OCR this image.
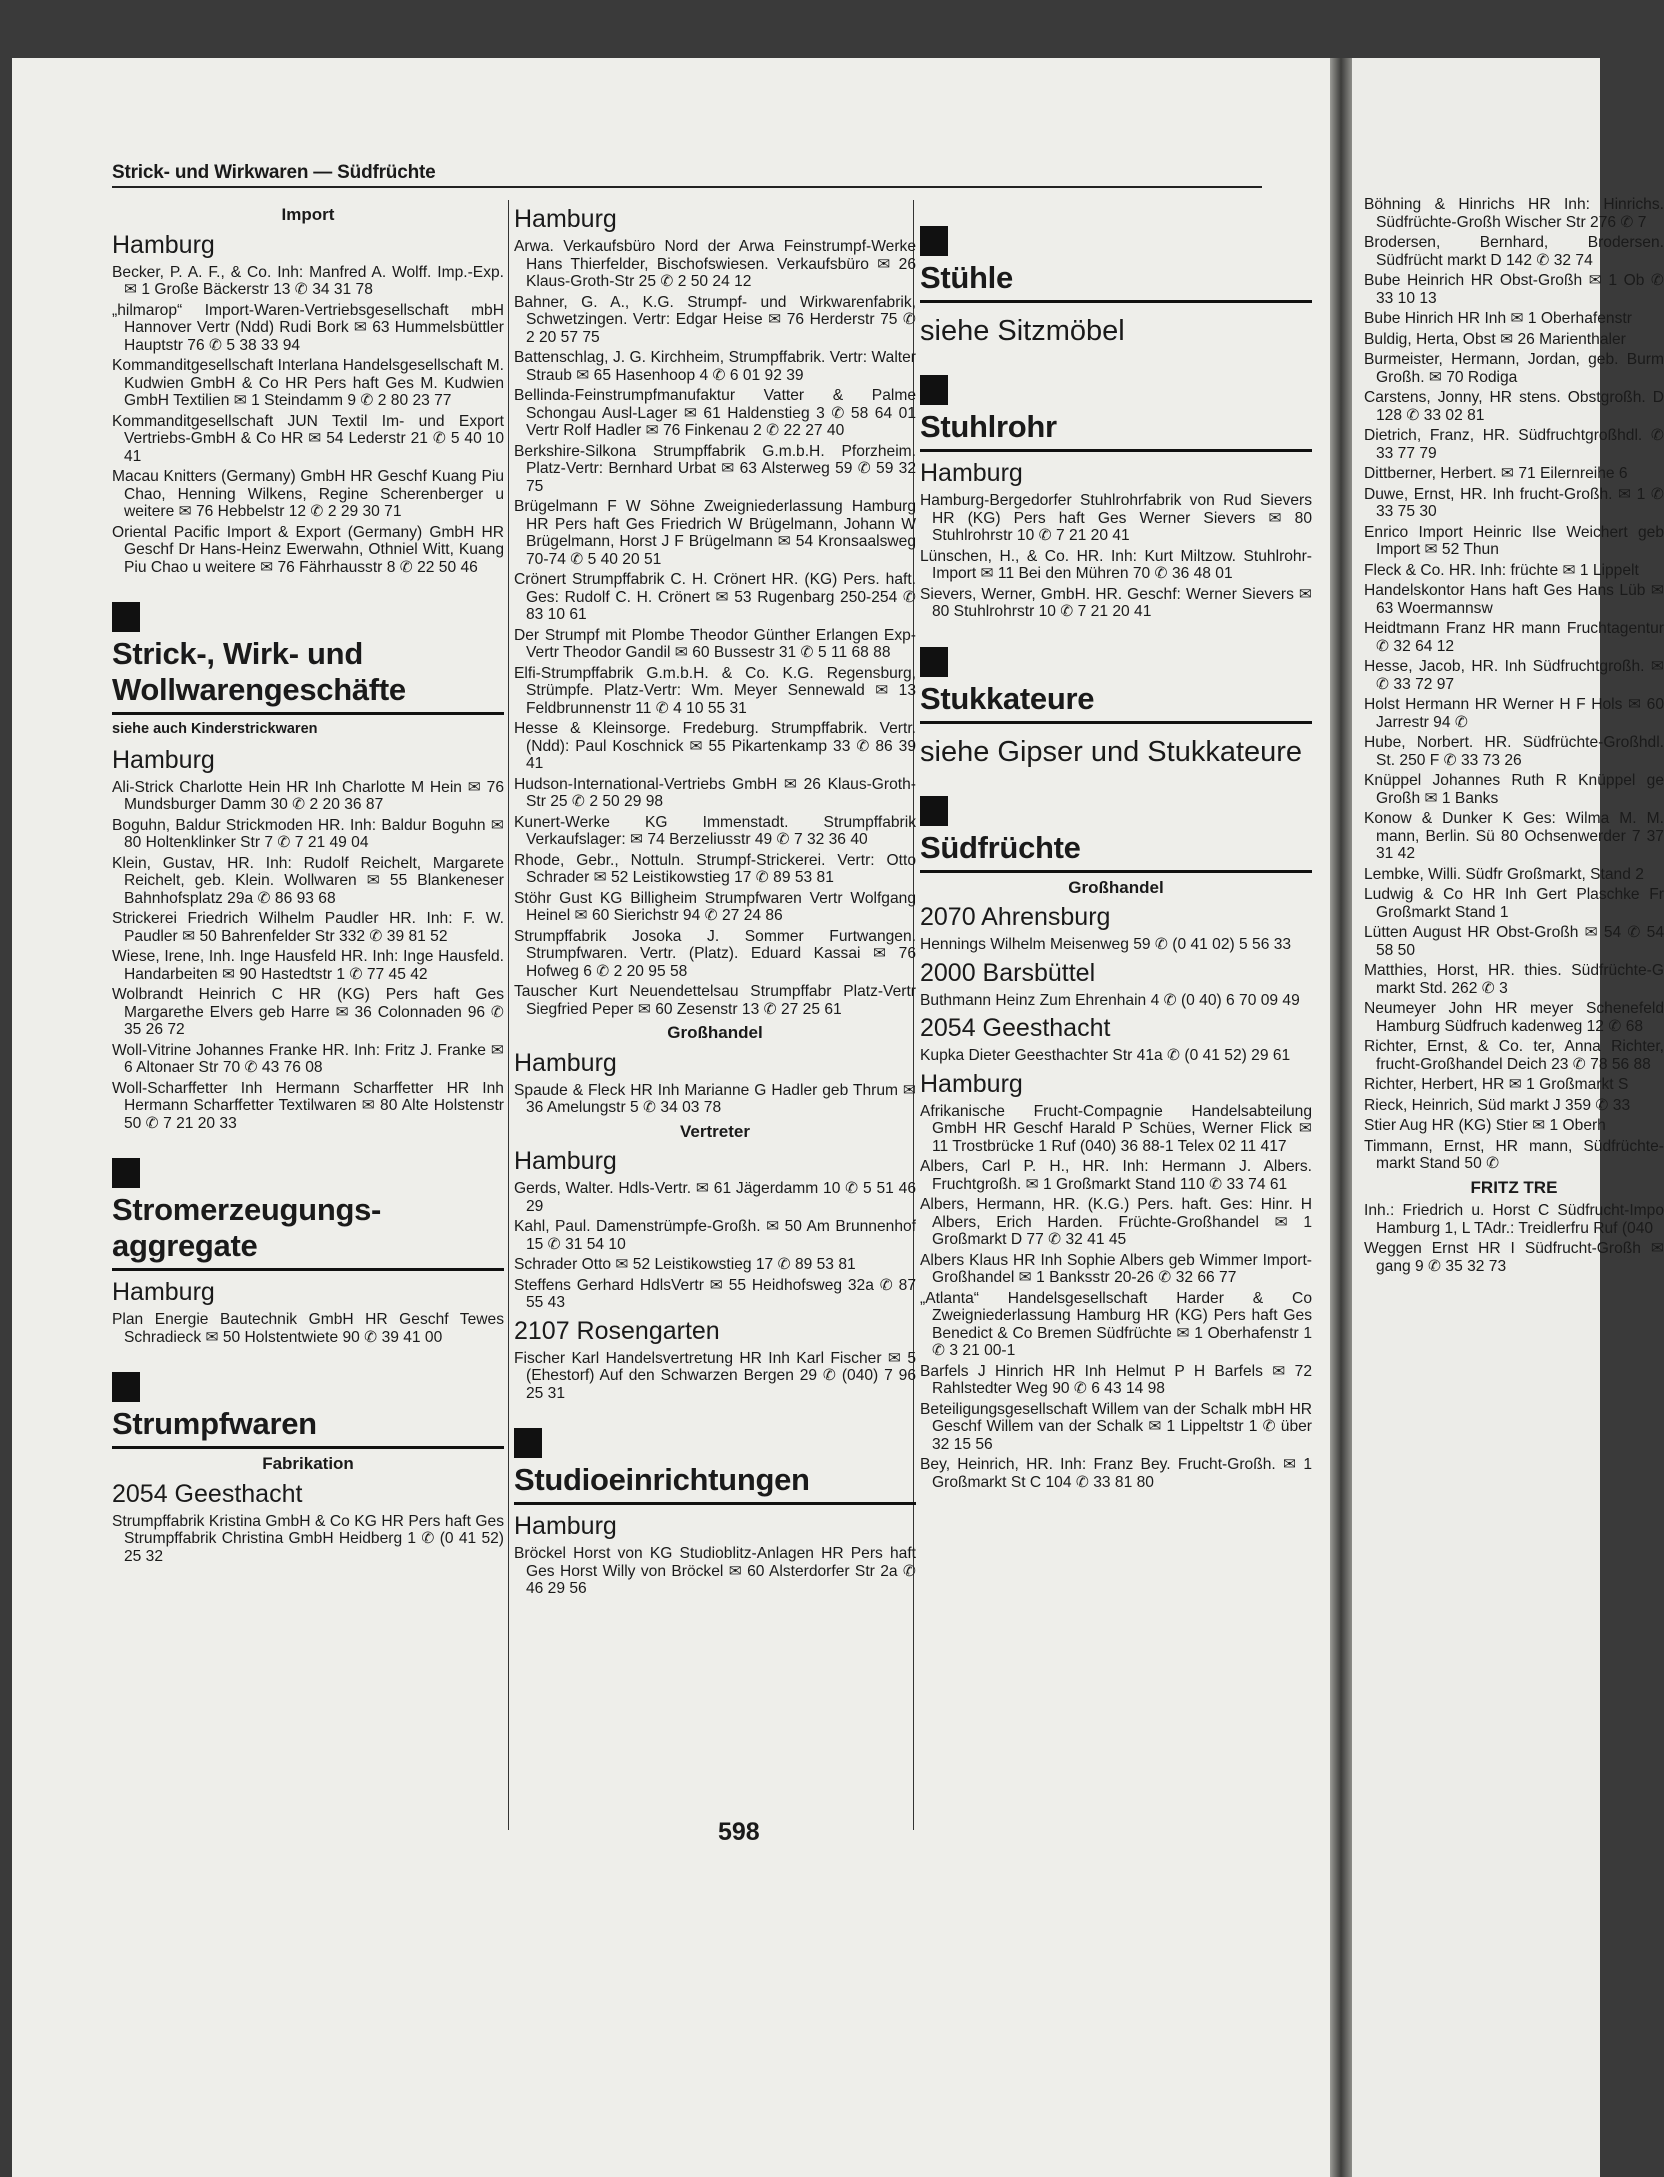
Böhning & Hinrichs HR Inh: Hinrichs. Südfrüchte-Großh Wischer Str 276 ✆ 7
Brodersen, Bernhard, Brodersen. Südfrücht markt D 142 ✆ 32 74
Bube Heinrich HR Obst-Großh ✉ 1 Ob ✆ 33 10 13
Bube Hinrich HR Inh ✉ 1 Oberhafenstr
Buldig, Herta, Obst ✉ 26 Marienthaler
Burmeister, Hermann, Jordan, geb. Burm Großh. ✉ 70 Rodiga
Carstens, Jonny, HR stens. Obstgroßh. D 128 ✆ 33 02 81
Dietrich, Franz, HR. Südfruchtgroßhdl. ✆ 33 77 79
Dittberner, Herbert. ✉ 71 Eilernreihe 6
Duwe, Ernst, HR. Inh frucht-Großh. ✉ 1 ✆ 33 75 30
Enrico Import Heinric Ilse Weichert geb Import ✉ 52 Thun
Fleck & Co. HR. Inh: früchte ✉ 1 Lippelt
Handelskontor Hans haft Ges Hans Lüb ✉ 63 Woermannsw
Heidtmann Franz HR mann Fruchtagentur ✆ 32 64 12
Hesse, Jacob, HR. Inh Südfruchtgroßh. ✉ ✆ 33 72 97
Holst Hermann HR Werner H F Hols ✉ 60 Jarrestr 94 ✆
Hube, Norbert. HR. Südfrüchte-Großhdl. St. 250 F ✆ 33 73 26
Knüppel Johannes Ruth R Knüppel ge Großh ✉ 1 Banks
Konow & Dunker K Ges: Wilma M. M. mann, Berlin. Sü 80 Ochsenwerder 7 37 31 42
Lembke, Willi. Südfr Großmarkt, Stand 2
Ludwig & Co HR Inh Gert Plaschke Fr Großmarkt Stand 1
Lütten August HR Obst-Großh ✉ 54 ✆ 54 58 50
Matthies, Horst, HR. thies. Südfrüchte-G markt Std. 262 ✆ 3
Neumeyer John HR meyer Schenefeld Hamburg Südfruch kadenweg 12 ✆ 68
Richter, Ernst, & Co. ter, Anna Richter, frucht-Großhandel Deich 23 ✆ 78 56 88
Richter, Herbert, HR ✉ 1 Großmarkt S
Rieck, Heinrich, Süd markt J 359 ✆ 33
Stier Aug HR (KG) Stier ✉ 1 Oberh
Timmann, Ernst, HR mann, Südfrüchte- markt Stand 50 ✆
FRITZ TRE
Inh.: Friedrich u. Horst C Südfrucht-Impo Hamburg 1, L TAdr.: Treidlerfru Ruf (040
Weggen Ernst HR I Südfrucht-Großh ✉ gang 9 ✆ 35 32 73
Strick- und Wirkwaren — Südfrüchte
Import
Hamburg
Becker, P. A. F., & Co. Inh: Manfred A. Wolff. Imp.-Exp. ✉ 1 Große Bäckerstr 13 ✆ 34 31 78
„hilmarop“ Import-Waren-Vertriebsgesellschaft mbH Hannover Vertr (Ndd) Rudi Bork ✉ 63 Hummelsbüttler Hauptstr 76 ✆ 5 38 33 94
Kommanditgesellschaft Interlana Handelsgesellschaft M. Kudwien GmbH & Co HR Pers haft Ges M. Kudwien GmbH Textilien ✉ 1 Steindamm 9 ✆ 2 80 23 77
Kommanditgesellschaft JUN Textil Im- und Export Vertriebs-GmbH & Co HR ✉ 54 Lederstr 21 ✆ 5 40 10 41
Macau Knitters (Germany) GmbH HR Geschf Kuang Piu Chao, Henning Wilkens, Regine Scherenberger u weitere ✉ 76 Hebbelstr 12 ✆ 2 29 30 71
Oriental Pacific Import & Export (Germany) GmbH HR Geschf Dr Hans-Heinz Ewerwahn, Othniel Witt, Kuang Piu Chao u weitere ✉ 76 Fährhausstr 8 ✆ 22 50 46
Strick-, Wirk- und Wollwarengeschäfte
siehe auch Kinderstrickwaren
Hamburg
Ali-Strick Charlotte Hein HR Inh Charlotte M Hein ✉ 76 Mundsburger Damm 30 ✆ 2 20 36 87
Boguhn, Baldur Strickmoden HR. Inh: Baldur Boguhn ✉ 80 Holtenklinker Str 7 ✆ 7 21 49 04
Klein, Gustav, HR. Inh: Rudolf Reichelt, Margarete Reichelt, geb. Klein. Wollwaren ✉ 55 Blankeneser Bahnhofsplatz 29a ✆ 86 93 68
Strickerei Friedrich Wilhelm Paudler HR. Inh: F. W. Paudler ✉ 50 Bahrenfelder Str 332 ✆ 39 81 52
Wiese, Irene, Inh. Inge Hausfeld HR. Inh: Inge Hausfeld. Handarbeiten ✉ 90 Hastedtstr 1 ✆ 77 45 42
Wolbrandt Heinrich C HR (KG) Pers haft Ges Margarethe Elvers geb Harre ✉ 36 Colonnaden 96 ✆ 35 26 72
Woll-Vitrine Johannes Franke HR. Inh: Fritz J. Franke ✉ 6 Altonaer Str 70 ✆ 43 76 08
Woll-Scharffetter Inh Hermann Scharffetter HR Inh Hermann Scharffetter Textilwaren ✉ 80 Alte Holstenstr 50 ✆ 7 21 20 33
Stromerzeugungs-aggregate
Hamburg
Plan Energie Bautechnik GmbH HR Geschf Tewes Schradieck ✉ 50 Holstentwiete 90 ✆ 39 41 00
Strumpfwaren
Fabrikation
2054 Geesthacht
Strumpffabrik Kristina GmbH & Co KG HR Pers haft Ges Strumpffabrik Christina GmbH Heidberg 1 ✆ (0 41 52) 25 32
Hamburg
Arwa. Verkaufsbüro Nord der Arwa Feinstrumpf-Werke Hans Thierfelder, Bischofswiesen. Verkaufsbüro ✉ 26 Klaus-Groth-Str 25 ✆ 2 50 24 12
Bahner, G. A., K.G. Strumpf- und Wirkwarenfabrik, Schwetzingen. Vertr: Edgar Heise ✉ 76 Herderstr 75 ✆ 2 20 57 75
Battenschlag, J. G. Kirchheim, Strumpffabrik. Vertr: Walter Straub ✉ 65 Hasenhoop 4 ✆ 6 01 92 39
Bellinda-Feinstrumpfmanufaktur Vatter & Palme Schongau Ausl-Lager ✉ 61 Haldenstieg 3 ✆ 58 64 01 Vertr Rolf Hadler ✉ 76 Finkenau 2 ✆ 22 27 40
Berkshire-Silkona Strumpffabrik G.m.b.H. Pforzheim. Platz-Vertr: Bernhard Urbat ✉ 63 Alsterweg 59 ✆ 59 32 75
Brügelmann F W Söhne Zweigniederlassung Hamburg HR Pers haft Ges Friedrich W Brügelmann, Johann W Brügelmann, Horst J F Brügelmann ✉ 54 Kronsaalsweg 70-74 ✆ 5 40 20 51
Crönert Strumpffabrik C. H. Crönert HR. (KG) Pers. haft. Ges: Rudolf C. H. Crönert ✉ 53 Rugenbarg 250-254 ✆ 83 10 61
Der Strumpf mit Plombe Theodor Günther Erlangen Exp-Vertr Theodor Gandil ✉ 60 Bussestr 31 ✆ 5 11 68 88
Elfi-Strumpffabrik G.m.b.H. & Co. K.G. Regensburg, Strümpfe. Platz-Vertr: Wm. Meyer Sennewald ✉ 13 Feldbrunnenstr 11 ✆ 4 10 55 31
Hesse & Kleinsorge. Fredeburg. Strumpffabrik. Vertr. (Ndd): Paul Koschnick ✉ 55 Pikartenkamp 33 ✆ 86 39 41
Hudson-International-Vertriebs GmbH ✉ 26 Klaus-Groth-Str 25 ✆ 2 50 29 98
Kunert-Werke KG Immenstadt. Strumpffabrik Verkaufslager: ✉ 74 Berzeliusstr 49 ✆ 7 32 36 40
Rhode, Gebr., Nottuln. Strumpf-Strickerei. Vertr: Otto Schrader ✉ 52 Leistikowstieg 17 ✆ 89 53 81
Stöhr Gust KG Billigheim Strumpfwaren Vertr Wolfgang Heinel ✉ 60 Sierichstr 94 ✆ 27 24 86
Strumpffabrik Josoka J. Sommer Furtwangen. Strumpfwaren. Vertr. (Platz). Eduard Kassai ✉ 76 Hofweg 6 ✆ 2 20 95 58
Tauscher Kurt Neuendettelsau Strumpffabr Platz-Vertr Siegfried Peper ✉ 60 Zesenstr 13 ✆ 27 25 61
Großhandel
Hamburg
Spaude & Fleck HR Inh Marianne G Hadler geb Thrum ✉ 36 Amelungstr 5 ✆ 34 03 78
Vertreter
Hamburg
Gerds, Walter. Hdls-Vertr. ✉ 61 Jägerdamm 10 ✆ 5 51 46 29
Kahl, Paul. Damenstrümpfe-Großh. ✉ 50 Am Brunnenhof 15 ✆ 31 54 10
Schrader Otto ✉ 52 Leistikowstieg 17 ✆ 89 53 81
Steffens Gerhard HdlsVertr ✉ 55 Heidhofsweg 32a ✆ 87 55 43
2107 Rosengarten
Fischer Karl Handelsvertretung HR Inh Karl Fischer ✉ 5 (Ehestorf) Auf den Schwarzen Bergen 29 ✆ (040) 7 96 25 31
Studioeinrichtungen
Hamburg
Bröckel Horst von KG Studioblitz-Anlagen HR Pers haft Ges Horst Willy von Bröckel ✉ 60 Alsterdorfer Str 2a ✆ 46 29 56
Stühle
siehe Sitzmöbel
Stuhlrohr
Hamburg
Hamburg-Bergedorfer Stuhlrohrfabrik von Rud Sievers HR (KG) Pers haft Ges Werner Sievers ✉ 80 Stuhlrohrstr 10 ✆ 7 21 20 41
Lünschen, H., & Co. HR. Inh: Kurt Miltzow. Stuhlrohr-Import ✉ 11 Bei den Mühren 70 ✆ 36 48 01
Sievers, Werner, GmbH. HR. Geschf: Werner Sievers ✉ 80 Stuhlrohrstr 10 ✆ 7 21 20 41
Stukkateure
siehe Gipser und Stukkateure
Südfrüchte
Großhandel
2070 Ahrensburg
Hennings Wilhelm Meisenweg 59 ✆ (0 41 02) 5 56 33
2000 Barsbüttel
Buthmann Heinz Zum Ehrenhain 4 ✆ (0 40) 6 70 09 49
2054 Geesthacht
Kupka Dieter Geesthachter Str 41a ✆ (0 41 52) 29 61
Hamburg
Afrikanische Frucht-Compagnie Handelsabteilung GmbH HR Geschf Harald P Schües, Werner Flick ✉ 11 Trostbrücke 1 Ruf (040) 36 88-1 Telex 02 11 417
Albers, Carl P. H., HR. Inh: Hermann J. Albers. Fruchtgroßh. ✉ 1 Großmarkt Stand 110 ✆ 33 74 61
Albers, Hermann, HR. (K.G.) Pers. haft. Ges: Hinr. H Albers, Erich Harden. Früchte-Großhandel ✉ 1 Großmarkt D 77 ✆ 32 41 45
Albers Klaus HR Inh Sophie Albers geb Wimmer Import-Großhandel ✉ 1 Banksstr 20-26 ✆ 32 66 77
„Atlanta“ Handelsgesellschaft Harder & Co Zweigniederlassung Hamburg HR (KG) Pers haft Ges Benedict & Co Bremen Südfrüchte ✉ 1 Oberhafenstr 1 ✆ 3 21 00-1
Barfels J Hinrich HR Inh Helmut P H Barfels ✉ 72 Rahlstedter Weg 90 ✆ 6 43 14 98
Beteiligungsgesellschaft Willem van der Schalk mbH HR Geschf Willem van der Schalk ✉ 1 Lippeltstr 1 ✆ über 32 15 56
Bey, Heinrich, HR. Inh: Franz Bey. Frucht-Großh. ✉ 1 Großmarkt St C 104 ✆ 33 81 80
598
